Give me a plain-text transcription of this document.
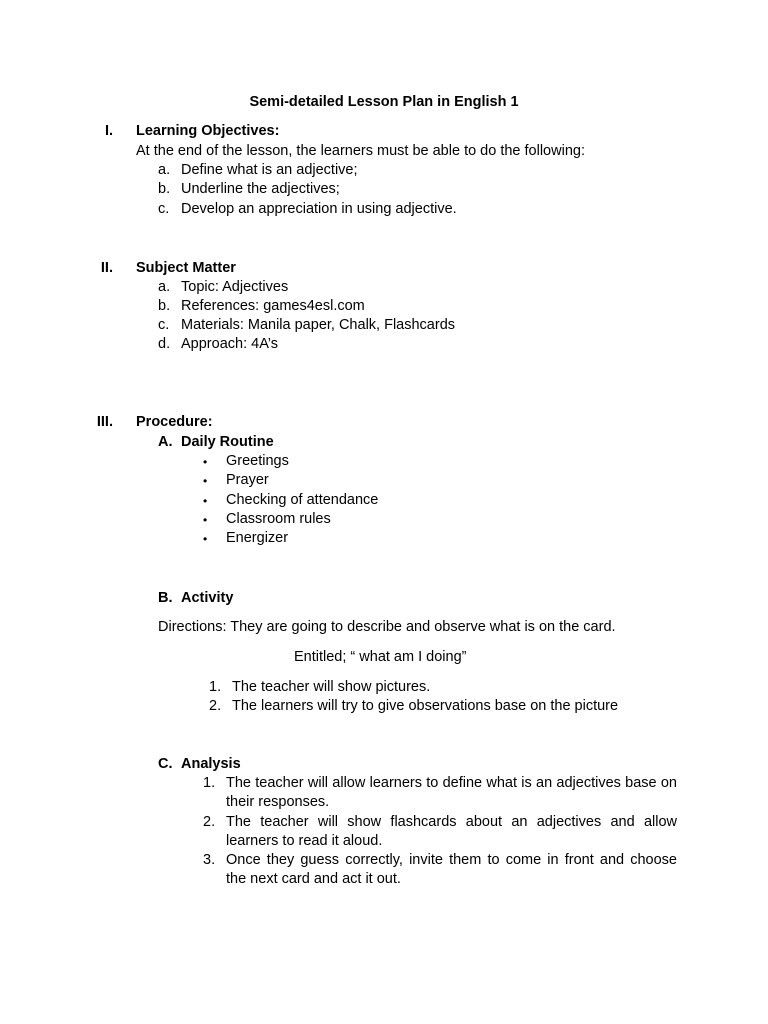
Semi-detailed Lesson Plan in English 1
I. Learning Objectives:
At the end of the lesson, the learners must be able to do the following:
a. Define what is an adjective;
b. Underline the adjectives;
c. Develop an appreciation in using adjective.
II. Subject Matter
a. Topic: Adjectives
b. References: games4esl.com
c. Materials: Manila paper, Chalk, Flashcards
d. Approach: 4A’s
III. Procedure:
A. Daily Routine
• Greetings
• Prayer
• Checking of attendance
• Classroom rules
• Energizer
B. Activity
Directions: They are going to describe and observe what is on the card.
Entitled; “ what am I doing”
1. The teacher will show pictures.
2. The learners will try to give observations base on the picture
C. Analysis
1. The teacher will allow learners to define what is an adjectives base on their responses.
2. The teacher will show flashcards about an adjectives and allow learners to read it aloud.
3. Once they guess correctly, invite them to come in front and choose the next card and act it out.
